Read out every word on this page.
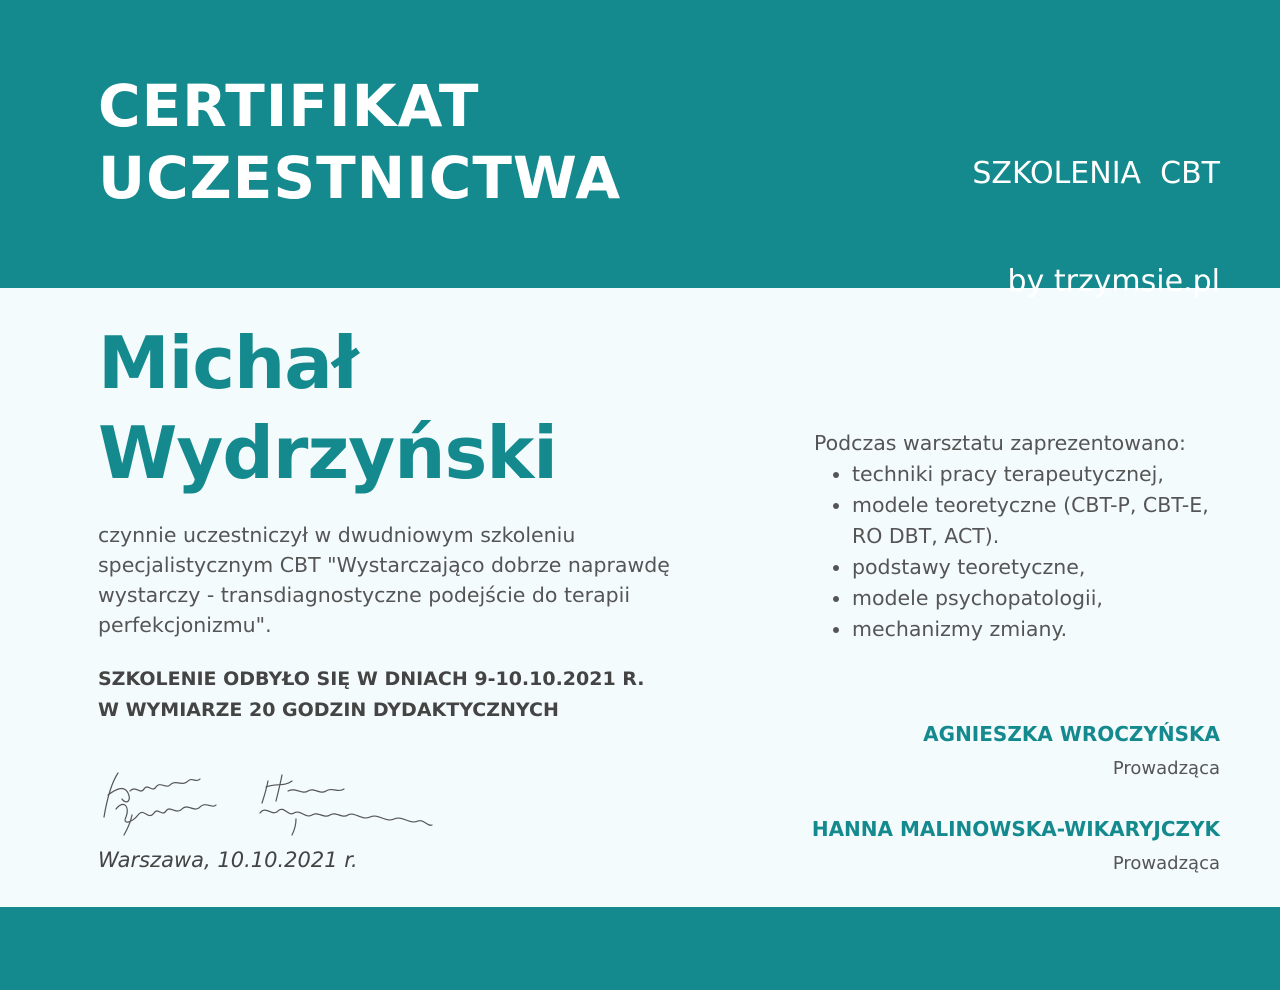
CERTIFIKAT
UCZESTNICTWA

	SZKOLENIA  CBT

by trzymsie.pl

Michał
Wydrzyński

czynnie uczestniczył w dwudniowym szkoleniu specjalistycznym CBT "Wystarczająco dobrze naprawdę wystarczy - transdiagnostyczne podejście do terapii perfekcjonizmu".

SZKOLENIE ODBYŁO SIĘ W DNIACH 9-10.10.2021 R.
W WYMIARZE 20 GODZIN DYDAKTYCZNYCH
Warszawa, 10.10.2021 r.
Podczas warsztatu zaprezentowano:
• techniki pracy terapeutycznej,
• modele teoretyczne (CBT-P, CBT-E, RO DBT, ACT).
• podstawy teoretyczne,
• modele psychopatologii,
• mechanizmy zmiany.
AGNIESZKA WROCZYŃSKA
Prowadząca
HANNA MALINOWSKA-WIKARYJCZYK
Prowadząca
